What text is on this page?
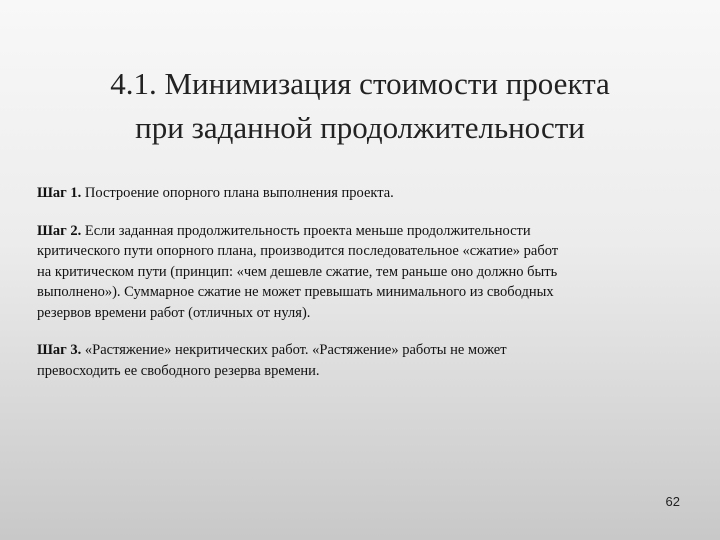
4.1. Минимизация стоимости проекта
при заданной продолжительности
Шаг 1. Построение опорного плана выполнения проекта.
Шаг 2. Если заданная продолжительность проекта меньше продолжительности
критического пути опорного плана, производится последовательное «сжатие» работ
на критическом пути (принцип: «чем дешевле сжатие, тем раньше оно должно быть
выполнено»). Суммарное сжатие не может превышать минимального из свободных
резервов времени работ (отличных от нуля).
Шаг 3. «Растяжение» некритических работ. «Растяжение» работы не может
превосходить ее свободного резерва времени.
62
